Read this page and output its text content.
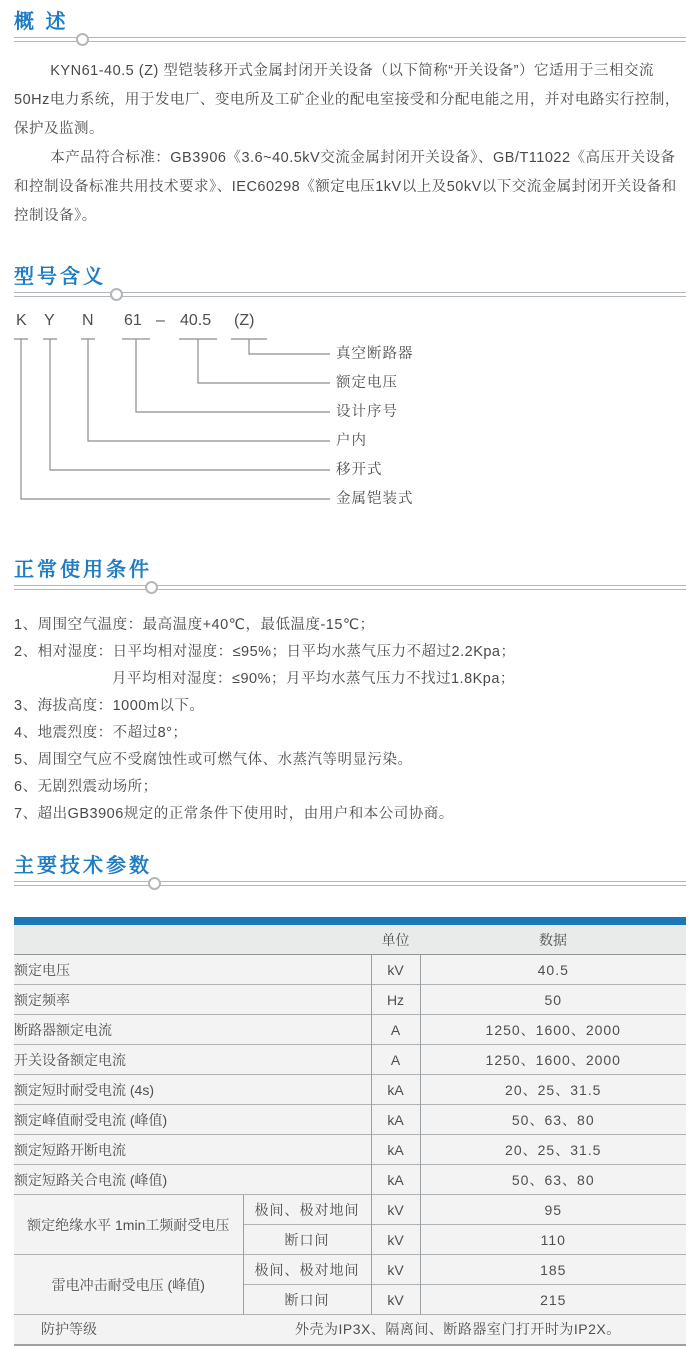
概 述

KYN61-40.5 (Z) 型铠装移开式金属封闭开关设备（以下简称“开关设备”）它适用于三相交流50Hz电力系统，用于发电厂、变电所及工矿企业的配电室接受和分配电能之用，并对电路实行控制，保护及监测。

本产品符合标准：GB3906《3.6~40.5kV交流金属封闭开关设备》、GB/T11022《高压开关设备和控制设备标准共用技术要求》、IEC60298《额定电压1kV以上及50kV以下交流金属封闭开关设备和控制设备》。

型号含义
K Y N 61 – 40.5 (Z)
真空断路器
额定电压
设计序号
户内
移开式
金属铠装式
正常使用条件
1、周围空气温度：最高温度+40℃，最低温度-15℃；
2、相对湿度：日平均相对湿度：≤95%；日平均水蒸气压力不超过2.2Kpa；
月平均相对湿度：≤90%；月平均水蒸气压力不找过1.8Kpa；
3、海拔高度：1000m以下。
4、地震烈度：不超过8°；
5、周围空气应不受腐蚀性或可燃气体、水蒸汽等明显污染。
6、无剧烈震动场所；
7、超出GB3906规定的正常条件下使用时，由用户和本公司协商。
主要技术参数
		单位	数据
额定电压		kV	40.5
额定频率		Hz	50
断路器额定电流		A	1250、1600、2000
开关设备额定电流		A	1250、1600、2000
额定短时耐受电流 (4s)		kA	20、25、31.5
额定峰值耐受电流 (峰值)		kA	50、63、80
额定短路开断电流		kA	20、25、31.5
额定短路关合电流 (峰值)		kA	50、63、80
额定绝缘水平 1min工频耐受电压	极间、极对地间	kV	95
	断口间	kV	110
雷电冲击耐受电压 (峰值)	极间、极对地间	kV	185
	断口间	kV	215

防护等级 外壳为IP3X、隔离间、断路器室门打开时为IP2X。			
